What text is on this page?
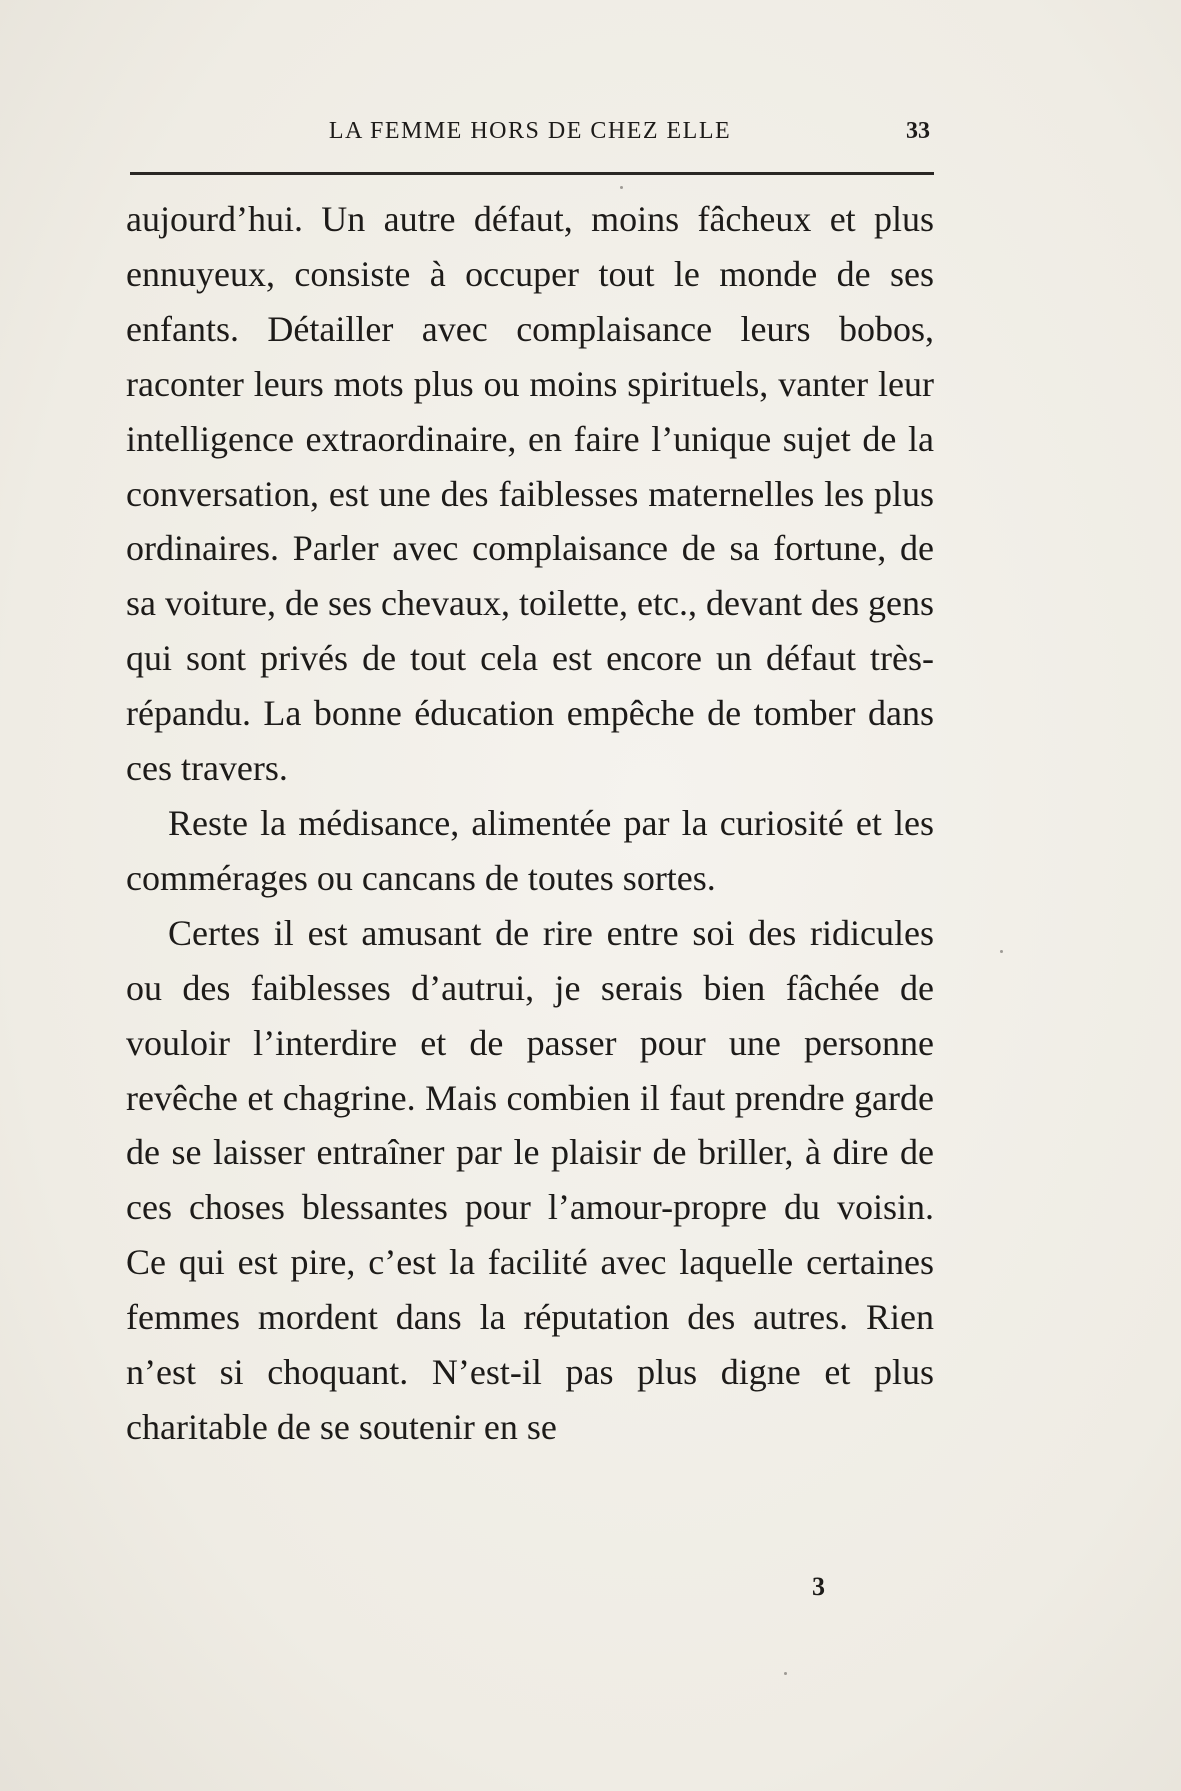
LA FEMME HORS DE CHEZ ELLE	33

aujourd’hui. Un autre défaut, moins fâcheux et plus ennuyeux, consiste à occuper tout le monde de ses enfants. Détailler avec complaisance leurs bobos, raconter leurs mots plus ou moins spirituels, vanter leur intelligence extraordinaire, en faire l’unique sujet de la conversation, est une des faiblesses maternelles les plus ordinaires. Parler avec complaisance de sa fortune, de sa voiture, de ses chevaux, toilette, etc., devant des gens qui sont privés de tout cela est encore un défaut très-répandu. La bonne éducation empêche de tomber dans ces travers.

Reste la médisance, alimentée par la curiosité et les commérages ou cancans de toutes sortes.

Certes il est amusant de rire entre soi des ridicules ou des faiblesses d’autrui, je serais bien fâchée de vouloir l’interdire et de passer pour une personne revêche et chagrine. Mais combien il faut prendre garde de se laisser entraîner par le plaisir de briller, à dire de ces choses blessantes pour l’amour-propre du voisin. Ce qui est pire, c’est la facilité avec laquelle certaines femmes mordent dans la réputation des autres. Rien n’est si choquant. N’est-il pas plus digne et plus charitable de se soutenir en se

3
